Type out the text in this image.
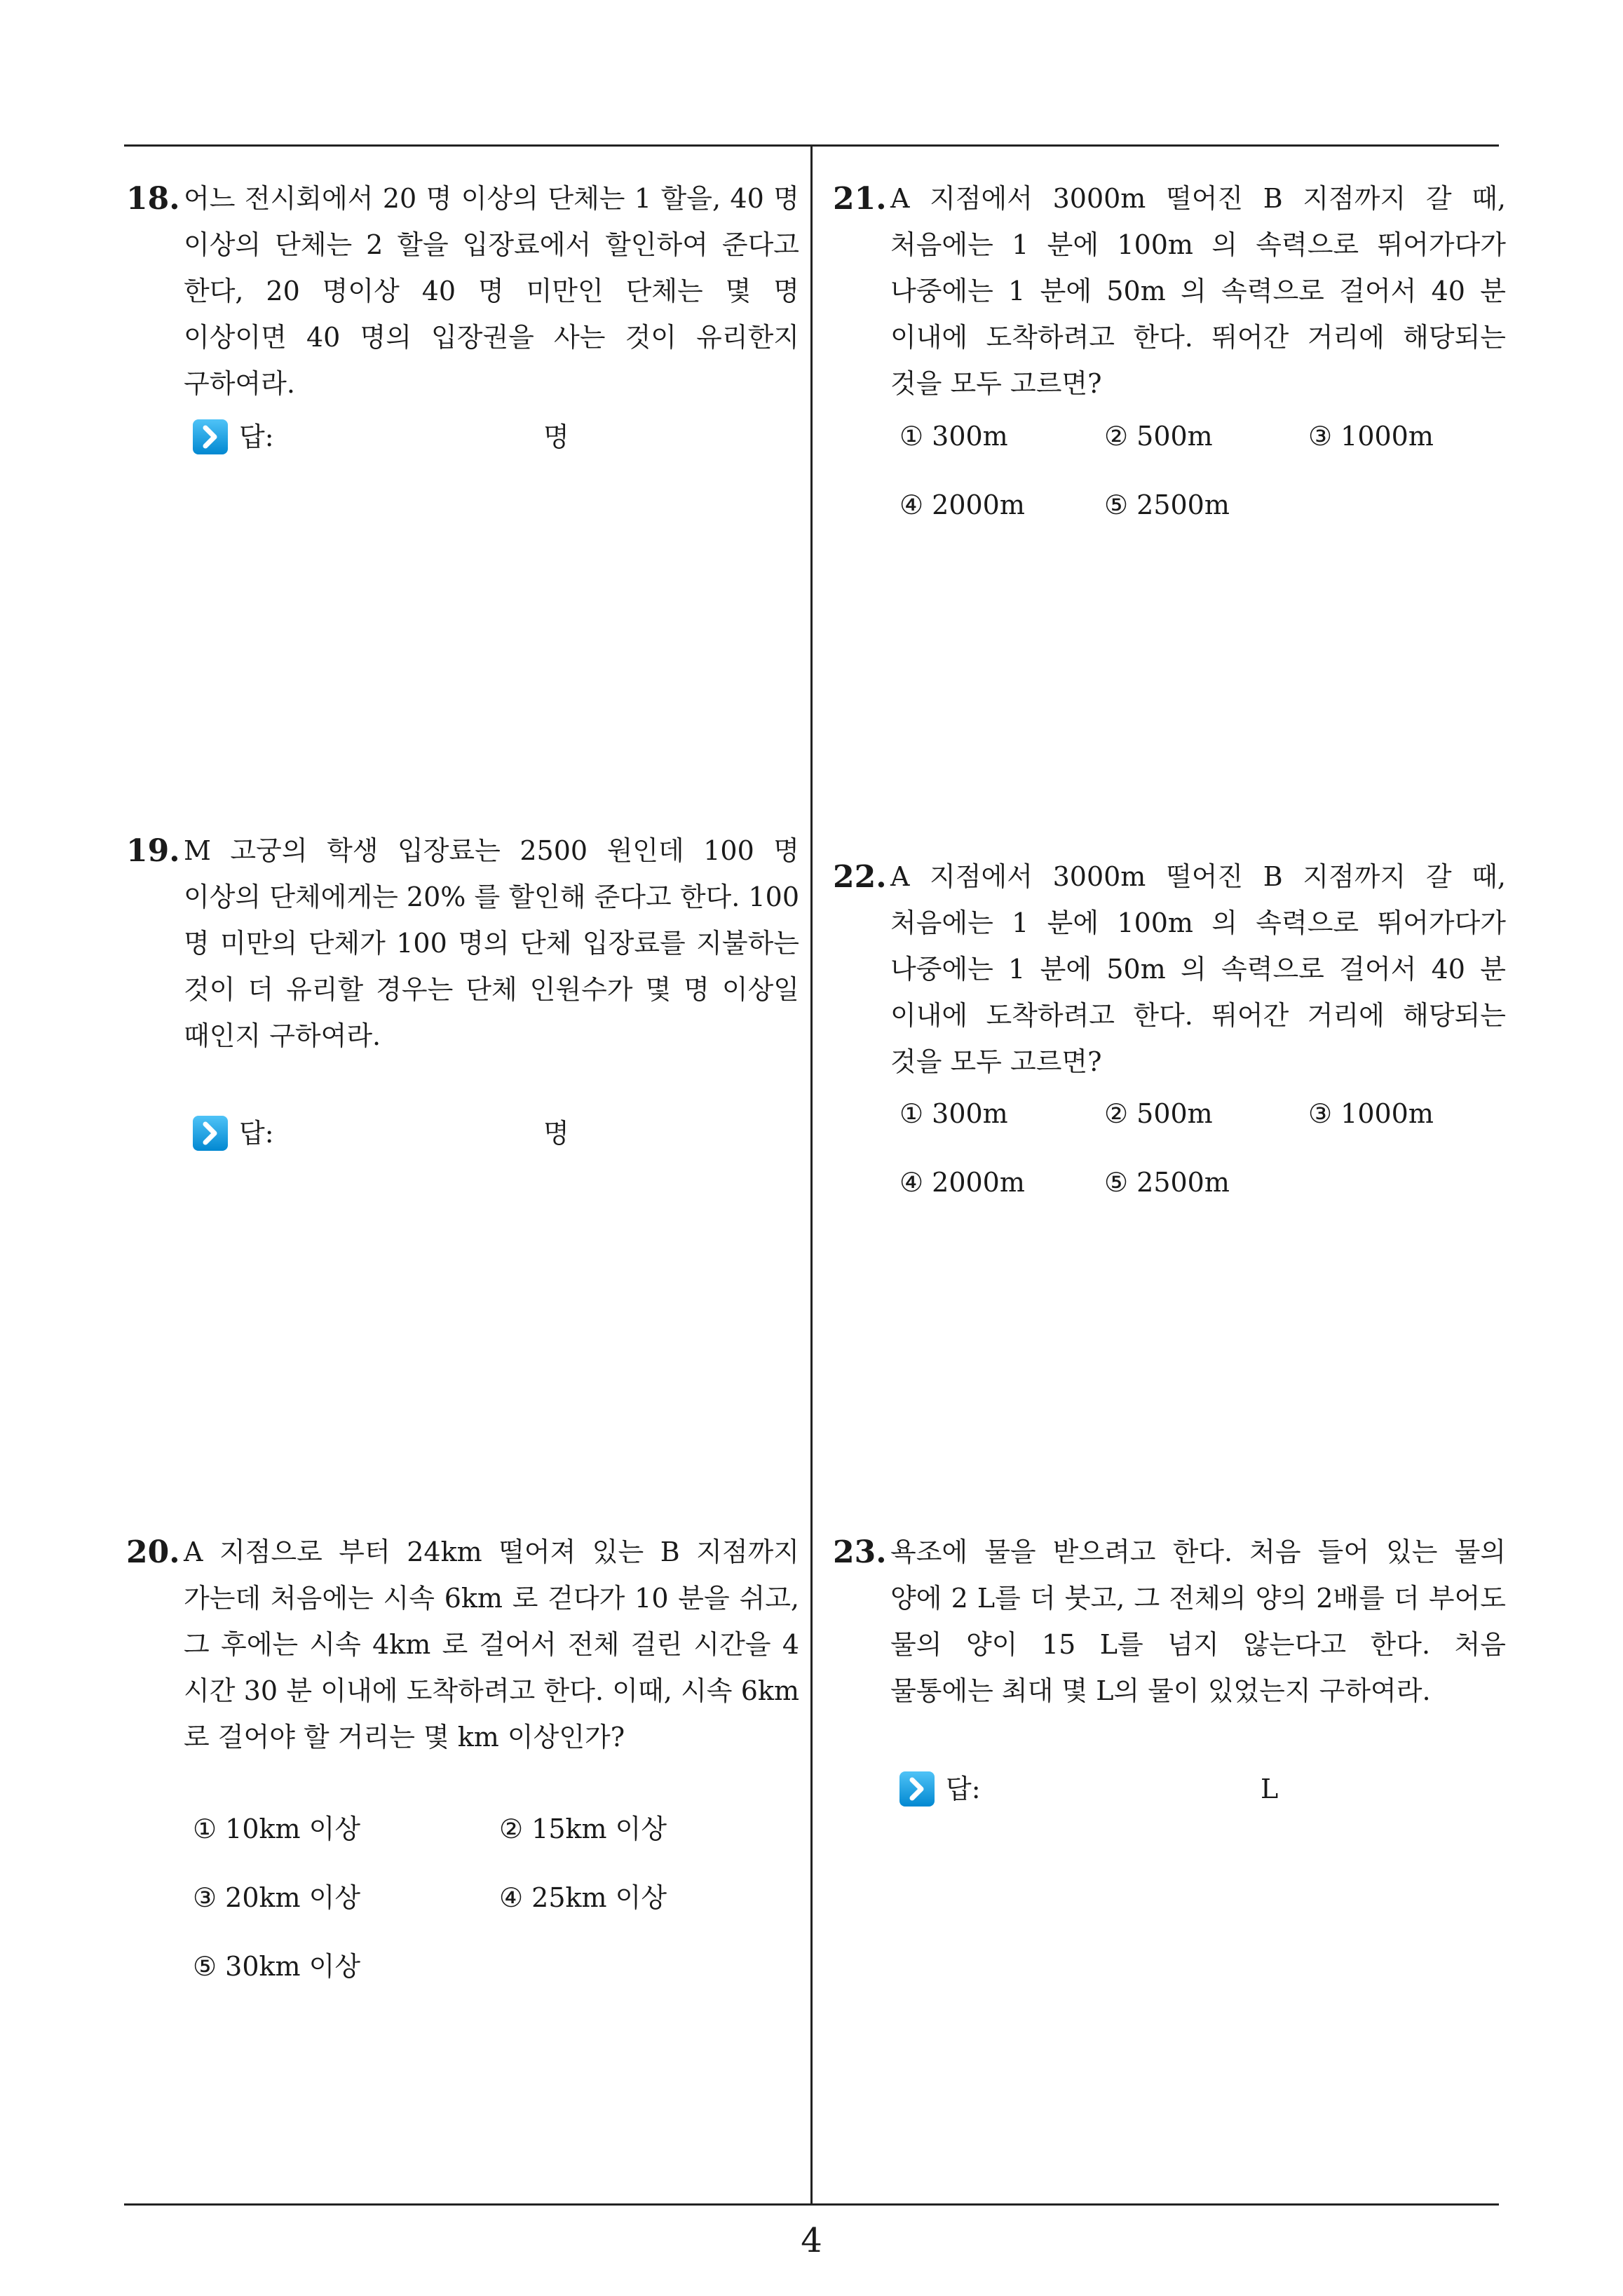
18. 어느 전시회에서 20 명 이상의 단체는 1 할을, 40 명 이상의 단체는 2 할을 입장료에서 할인하여 준다고 한다, 20 명이상 40 명 미만인 단체는 몇 명 이상이면 40 명의 입장권을 사는 것이 유리한지 구하여라.
답:	명
19. M 고궁의 학생 입장료는 2500 원인데 100 명 이상의 단체에게는 20% 를 할인해 준다고 한다. 100 명 미만의 단체가 100 명의 단체 입장료를 지불하는 것이 더 유리할 경우는 단체 인원수가 몇 명 이상일 때인지 구하여라.
답:	명
20. A 지점으로 부터 24km 떨어져 있는 B 지점까지 가는데 처음에는 시속 6km 로 걷다가 10 분을 쉬고, 그 후에는 시속 4km 로 걸어서 전체 걸린 시간을 4 시간 30 분 이내에 도착하려고 한다. 이때, 시속 6km 로 걸어야 할 거리는 몇 km 이상인가?
① 10km 이상	② 15km 이상
③ 20km 이상	④ 25km 이상
⑤ 30km 이상
21. A 지점에서 3000m 떨어진 B 지점까지 갈 때, 처음에는 1 분에 100m 의 속력으로 뛰어가다가 나중에는 1 분에 50m 의 속력으로 걸어서 40 분 이내에 도착하려고 한다. 뛰어간 거리에 해당되는 것을 모두 고르면?
① 300m	② 500m	③ 1000m
④ 2000m	⑤ 2500m
22. A 지점에서 3000m 떨어진 B 지점까지 갈 때, 처음에는 1 분에 100m 의 속력으로 뛰어가다가 나중에는 1 분에 50m 의 속력으로 걸어서 40 분 이내에 도착하려고 한다. 뛰어간 거리에 해당되는 것을 모두 고르면?
① 300m	② 500m	③ 1000m
④ 2000m	⑤ 2500m
23. 욕조에 물을 받으려고 한다. 처음 들어 있는 물의 양에 2 L를 더 붓고, 그 전체의 양의 2배를 더 부어도 물의 양이 15 L를 넘지 않는다고 한다. 처음 물통에는 최대 몇 L의 물이 있었는지 구하여라.
답:	L
4
